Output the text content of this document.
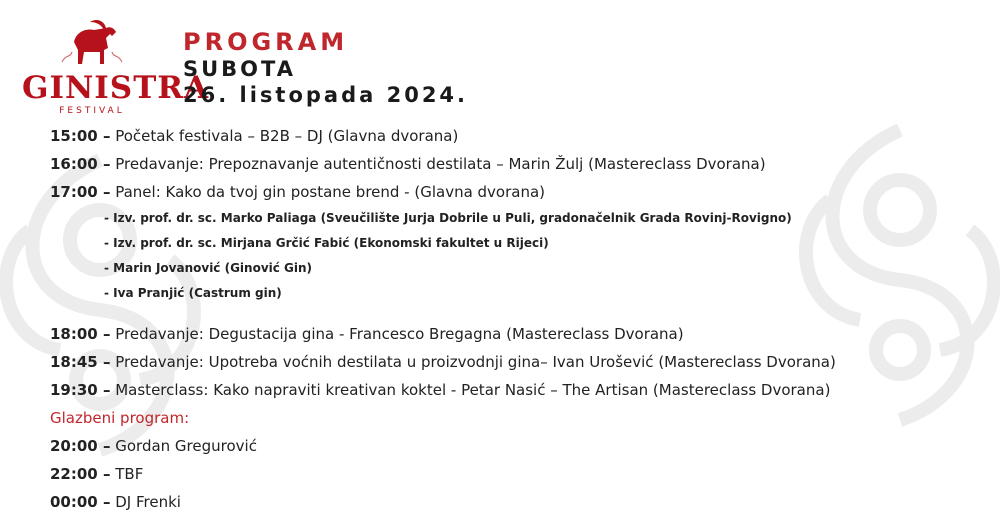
GINISTRA
FESTIVAL
PROGRAM
SUBOTA
26. listopada 2024.
15:00 – Početak festivala – B2B – DJ (Glavna dvorana)
16:00 – Predavanje: Prepoznavanje autentičnosti destilata – Marin Žulj (Mastereclass Dvorana)
17:00 – Panel: Kako da tvoj gin postane brend - (Glavna dvorana)
- Izv. prof. dr. sc. Marko Paliaga (Sveučilište Jurja Dobrile u Puli, gradonačelnik Grada Rovinj-Rovigno)
- Izv. prof. dr. sc. Mirjana Grčić Fabić (Ekonomski fakultet u Rijeci)
- Marin Jovanović (Ginović Gin)
- Iva Pranjić (Castrum gin)
18:00 – Predavanje: Degustacija gina - Francesco Bregagna (Mastereclass Dvorana)
18:45 – Predavanje: Upotreba voćnih destilata u proizvodnji gina– Ivan Urošević (Mastereclass Dvorana)
19:30 – Masterclass: Kako napraviti kreativan koktel - Petar Nasić – The Artisan (Mastereclass Dvorana)
Glazbeni program:
20:00 – Gordan Gregurović
22:00 – TBF
00:00 – DJ Frenki
